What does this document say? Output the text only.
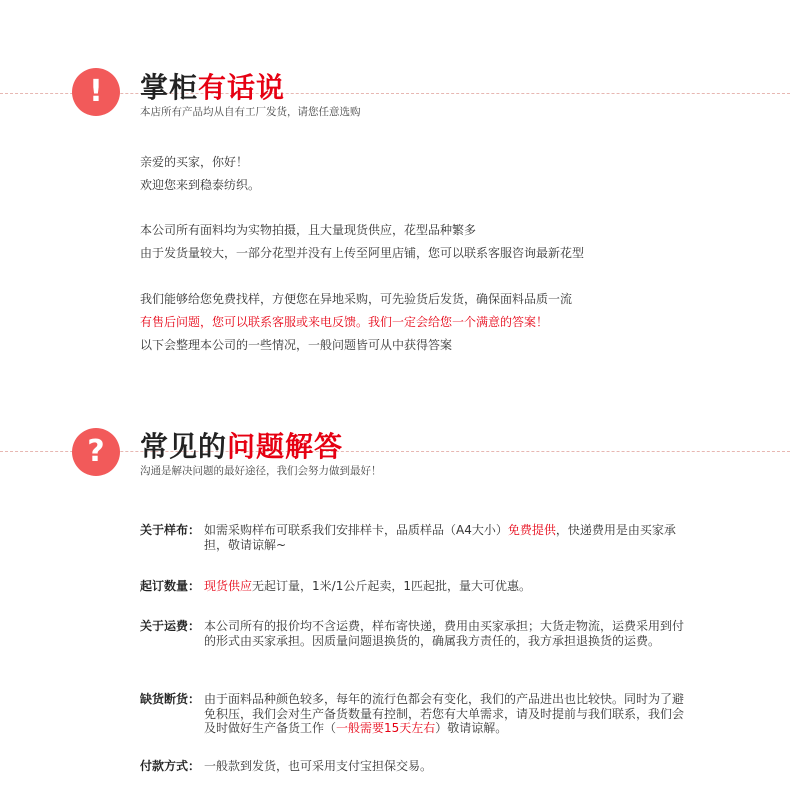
!	掌柜有话说
本店所有产品均从自有工厂发货，请您任意选购
亲爱的买家，你好！
欢迎您来到稳泰纺织。
本公司所有面料均为实物拍摄，且大量现货供应，花型品种繁多
由于发货量较大，一部分花型并没有上传至阿里店铺，您可以联系客服咨询最新花型
我们能够给您免费找样，方便您在异地采购，可先验货后发货，确保面料品质一流
有售后问题，您可以联系客服或来电反馈。我们一定会给您一个满意的答案！
以下会整理本公司的一些情况，一般问题皆可从中获得答案
?	常见的问题解答
沟通是解决问题的最好途径，我们会努力做到最好！
关于样布： 如需采购样布可联系我们安排样卡，品质样品（A4大小）免费提供，快递费用是由买家承担，敬请谅解~
起订数量： 现货供应无起订量，1米/1公斤起卖，1匹起批，量大可优惠。
关于运费： 本公司所有的报价均不含运费，样布寄快递，费用由买家承担；大货走物流，运费采用到付的形式由买家承担。因质量问题退换货的，确属我方责任的，我方承担退换货的运费。
缺货断货： 由于面料品种颜色较多，每年的流行色都会有变化，我们的产品进出也比较快。同时为了避免积压，我们会对生产备货数量有控制，若您有大单需求，请及时提前与我们联系，我们会及时做好生产备货工作（一般需要15天左右）敬请谅解。
付款方式： 一般款到发货，也可采用支付宝担保交易。
